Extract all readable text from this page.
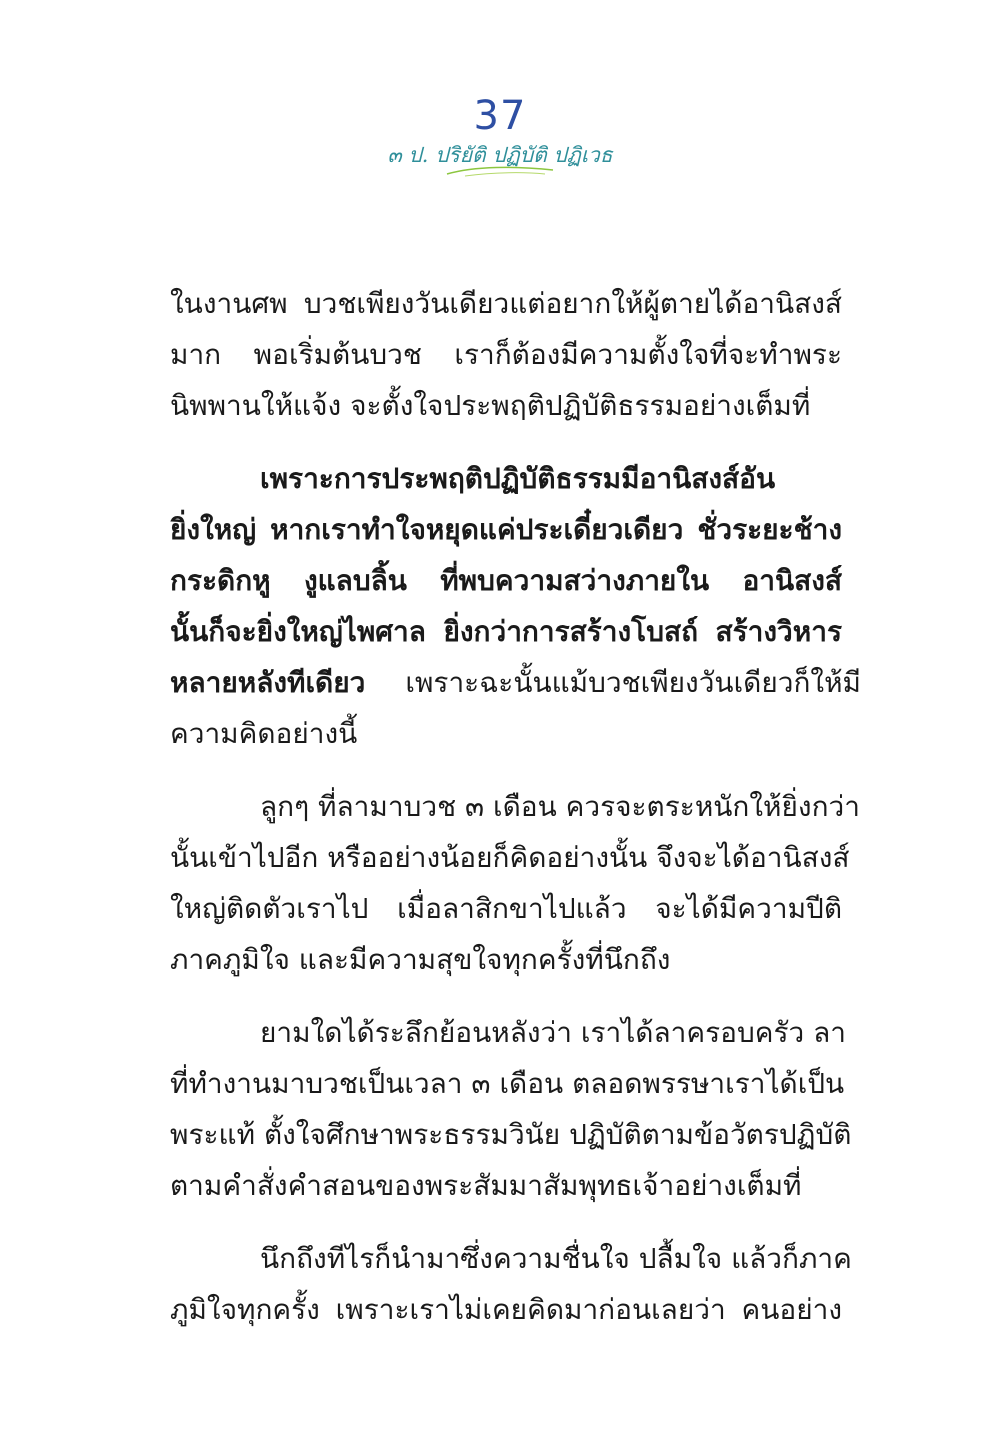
37
๓ ป. ปริยัติ ปฏิบัติ ปฏิเวธ

ในงานศพ บวชเพียงวันเดียวแต่อยากให้ผู้ตายได้อานิสงส์
มาก พอเริ่มต้นบวช เราก็ต้องมีความตั้งใจที่จะทำพระ
นิพพานให้แจ้ง จะตั้งใจประพฤติปฏิบัติธรรมอย่างเต็มที่

เพราะการประพฤติปฏิบัติธรรมมีอานิสงส์อัน
ยิ่งใหญ่ หากเราทำใจหยุดแค่ประเดี๋ยวเดียว ชั่วระยะช้าง
กระดิกหู งูแลบลิ้น ที่พบความสว่างภายใน อานิสงส์
นั้นก็จะยิ่งใหญ่ไพศาล ยิ่งกว่าการสร้างโบสถ์ สร้างวิหาร
หลายหลังทีเดียว เพราะฉะนั้นแม้บวชเพียงวันเดียวก็ให้มี
ความคิดอย่างนี้

ลูกๆ ที่ลามาบวช ๓ เดือน ควรจะตระหนักให้ยิ่งกว่า
นั้นเข้าไปอีก หรืออย่างน้อยก็คิดอย่างนั้น จึงจะได้อานิสงส์
ใหญ่ติดตัวเราไป เมื่อลาสิกขาไปแล้ว จะได้มีความปีติ
ภาคภูมิใจ และมีความสุขใจทุกครั้งที่นึกถึง

ยามใดได้ระลึกย้อนหลังว่า เราได้ลาครอบครัว ลา
ที่ทำงานมาบวชเป็นเวลา ๓ เดือน ตลอดพรรษาเราได้เป็น
พระแท้ ตั้งใจศึกษาพระธรรมวินัย ปฏิบัติตามข้อวัตรปฏิบัติ
ตามคำสั่งคำสอนของพระสัมมาสัมพุทธเจ้าอย่างเต็มที่

นึกถึงทีไรก็นำมาซึ่งความชื่นใจ ปลื้มใจ แล้วก็ภาค
ภูมิใจทุกครั้ง เพราะเราไม่เคยคิดมาก่อนเลยว่า คนอย่าง
